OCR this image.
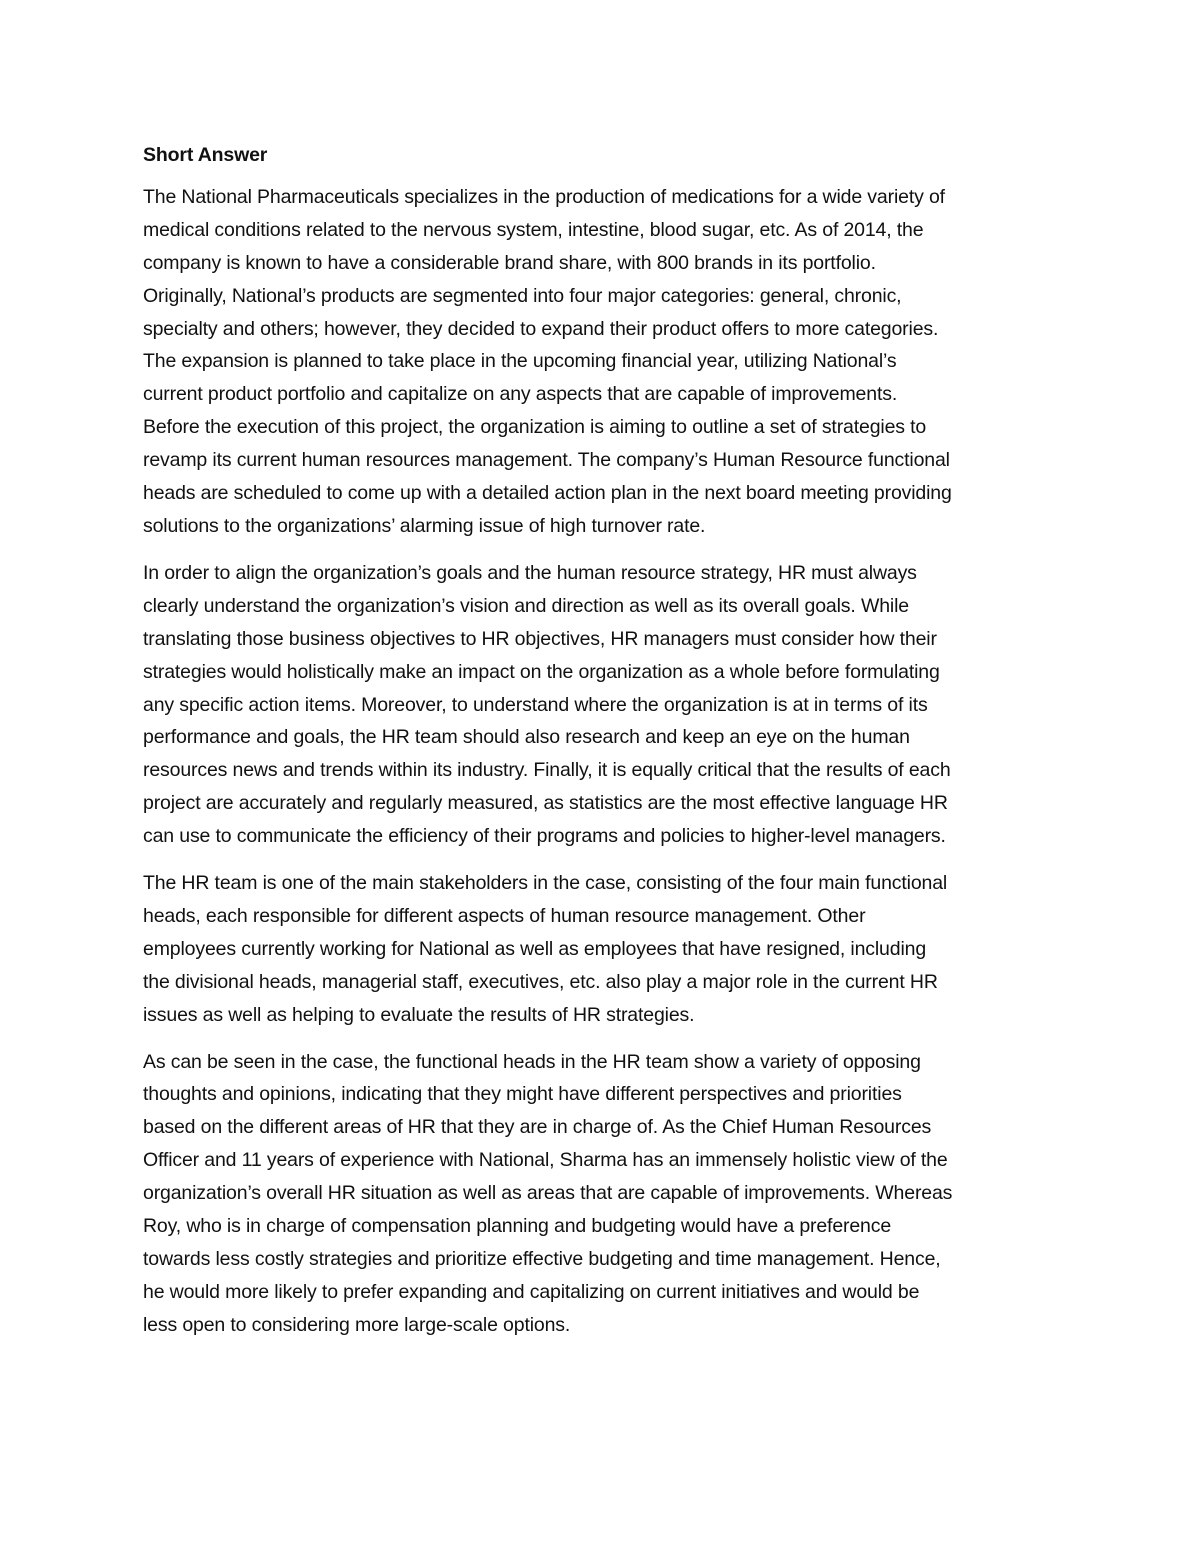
Short Answer
The National Pharmaceuticals specializes in the production of medications for a wide variety of
medical conditions related to the nervous system, intestine, blood sugar, etc. As of 2014, the
company is known to have a considerable brand share, with 800 brands in its portfolio.
Originally, National’s products are segmented into four major categories: general, chronic,
specialty and others; however, they decided to expand their product offers to more categories.
The expansion is planned to take place in the upcoming financial year, utilizing National’s
current product portfolio and capitalize on any aspects that are capable of improvements.
Before the execution of this project, the organization is aiming to outline a set of strategies to
revamp its current human resources management. The company’s Human Resource functional
heads are scheduled to come up with a detailed action plan in the next board meeting providing
solutions to the organizations’ alarming issue of high turnover rate.
In order to align the organization’s goals and the human resource strategy, HR must always
clearly understand the organization’s vision and direction as well as its overall goals. While
translating those business objectives to HR objectives, HR managers must consider how their
strategies would holistically make an impact on the organization as a whole before formulating
any specific action items. Moreover, to understand where the organization is at in terms of its
performance and goals, the HR team should also research and keep an eye on the human
resources news and trends within its industry. Finally, it is equally critical that the results of each
project are accurately and regularly measured, as statistics are the most effective language HR
can use to communicate the efficiency of their programs and policies to higher-level managers.
The HR team is one of the main stakeholders in the case, consisting of the four main functional
heads, each responsible for different aspects of human resource management. Other
employees currently working for National as well as employees that have resigned, including
the divisional heads, managerial staff, executives, etc. also play a major role in the current HR
issues as well as helping to evaluate the results of HR strategies.
As can be seen in the case, the functional heads in the HR team show a variety of opposing
thoughts and opinions, indicating that they might have different perspectives and priorities
based on the different areas of HR that they are in charge of. As the Chief Human Resources
Officer and 11 years of experience with National, Sharma has an immensely holistic view of the
organization’s overall HR situation as well as areas that are capable of improvements. Whereas
Roy, who is in charge of compensation planning and budgeting would have a preference
towards less costly strategies and prioritize effective budgeting and time management. Hence,
he would more likely to prefer expanding and capitalizing on current initiatives and would be
less open to considering more large-scale options.
